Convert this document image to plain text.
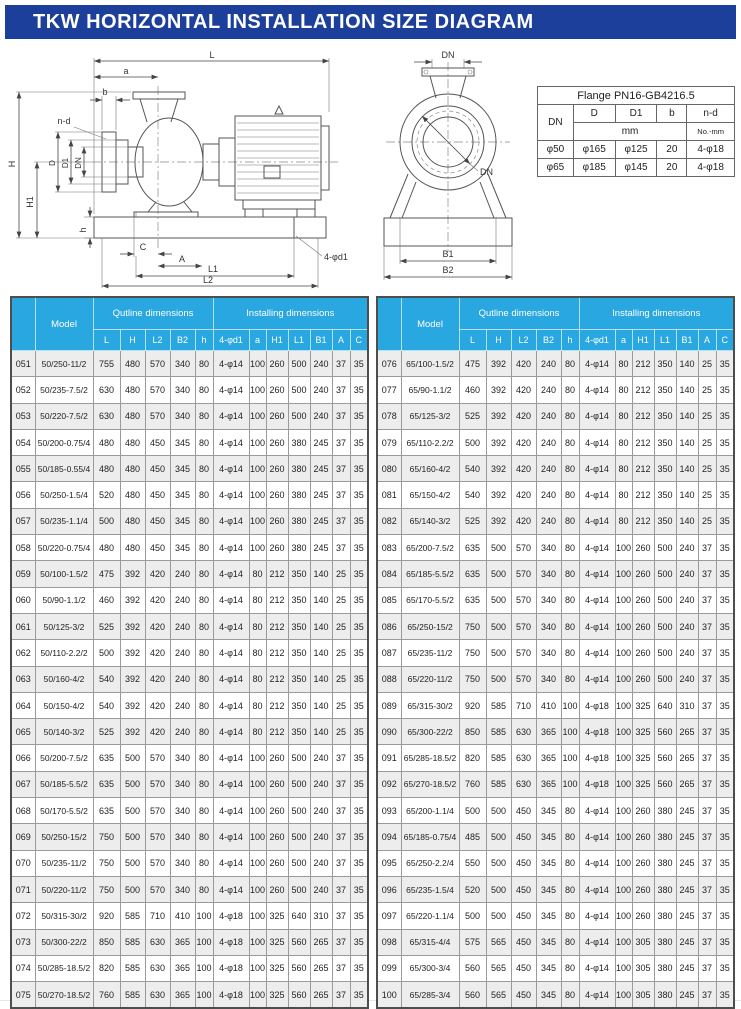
TKW HORIZONTAL INSTALLATION SIZE DIAGRAM
L
a
b
n-d
H
H1
D D1 DN
h
C
A
L1
L2
4-φd1
DN
DN
B1
B2
Flange PN16-GB4216.5				
DN	D	D1	b	n-d
	mm			No.-mm
φ50	φ165	φ125	20	4-φ18
φ65	φ185	φ145	20	4-φ18
	Model	Qutline dimensions					Installing dimensions						
		L	H	L2	B2	h	4-φd1	a	H1	L1	B1	A	C
051	50/250-11/2	755	480	570	340	80	4-φ14	100	260	500	240	37	35
052	50/235-7.5/2	630	480	570	340	80	4-φ14	100	260	500	240	37	35
053	50/220-7.5/2	630	480	570	340	80	4-φ14	100	260	500	240	37	35
054	50/200-0.75/4	480	480	450	345	80	4-φ14	100	260	380	245	37	35
055	50/185-0.55/4	480	480	450	345	80	4-φ14	100	260	380	245	37	35
056	50/250-1.5/4	520	480	450	345	80	4-φ14	100	260	380	245	37	35
057	50/235-1.1/4	500	480	450	345	80	4-φ14	100	260	380	245	37	35
058	50/220-0.75/4	480	480	450	345	80	4-φ14	100	260	380	245	37	35
059	50/100-1.5/2	475	392	420	240	80	4-φ14	80	212	350	140	25	35
060	50/90-1.1/2	460	392	420	240	80	4-φ14	80	212	350	140	25	35
061	50/125-3/2	525	392	420	240	80	4-φ14	80	212	350	140	25	35
062	50/110-2.2/2	500	392	420	240	80	4-φ14	80	212	350	140	25	35
063	50/160-4/2	540	392	420	240	80	4-φ14	80	212	350	140	25	35
064	50/150-4/2	540	392	420	240	80	4-φ14	80	212	350	140	25	35
065	50/140-3/2	525	392	420	240	80	4-φ14	80	212	350	140	25	35
066	50/200-7.5/2	635	500	570	340	80	4-φ14	100	260	500	240	37	35
067	50/185-5.5/2	635	500	570	340	80	4-φ14	100	260	500	240	37	35
068	50/170-5.5/2	635	500	570	340	80	4-φ14	100	260	500	240	37	35
069	50/250-15/2	750	500	570	340	80	4-φ14	100	260	500	240	37	35
070	50/235-11/2	750	500	570	340	80	4-φ14	100	260	500	240	37	35
071	50/220-11/2	750	500	570	340	80	4-φ14	100	260	500	240	37	35
072	50/315-30/2	920	585	710	410	100	4-φ18	100	325	640	310	37	35
073	50/300-22/2	850	585	630	365	100	4-φ18	100	325	560	265	37	35
074	50/285-18.5/2	820	585	630	365	100	4-φ18	100	325	560	265	37	35
075	50/270-18.5/2	760	585	630	365	100	4-φ18	100	325	560	265	37	35
	Model	Qutline dimensions					Installing dimensions						
		L	H	L2	B2	h	4-φd1	a	H1	L1	B1	A	C
076	65/100-1.5/2	475	392	420	240	80	4-φ14	80	212	350	140	25	35
077	65/90-1.1/2	460	392	420	240	80	4-φ14	80	212	350	140	25	35
078	65/125-3/2	525	392	420	240	80	4-φ14	80	212	350	140	25	35
079	65/110-2.2/2	500	392	420	240	80	4-φ14	80	212	350	140	25	35
080	65/160-4/2	540	392	420	240	80	4-φ14	80	212	350	140	25	35
081	65/150-4/2	540	392	420	240	80	4-φ14	80	212	350	140	25	35
082	65/140-3/2	525	392	420	240	80	4-φ14	80	212	350	140	25	35
083	65/200-7.5/2	635	500	570	340	80	4-φ14	100	260	500	240	37	35
084	65/185-5.5/2	635	500	570	340	80	4-φ14	100	260	500	240	37	35
085	65/170-5.5/2	635	500	570	340	80	4-φ14	100	260	500	240	37	35
086	65/250-15/2	750	500	570	340	80	4-φ14	100	260	500	240	37	35
087	65/235-11/2	750	500	570	340	80	4-φ14	100	260	500	240	37	35
088	65/220-11/2	750	500	570	340	80	4-φ14	100	260	500	240	37	35
089	65/315-30/2	920	585	710	410	100	4-φ18	100	325	640	310	37	35
090	65/300-22/2	850	585	630	365	100	4-φ18	100	325	560	265	37	35
091	65/285-18.5/2	820	585	630	365	100	4-φ18	100	325	560	265	37	35
092	65/270-18.5/2	760	585	630	365	100	4-φ18	100	325	560	265	37	35
093	65/200-1.1/4	500	500	450	345	80	4-φ14	100	260	380	245	37	35
094	65/185-0.75/4	485	500	450	345	80	4-φ14	100	260	380	245	37	35
095	65/250-2.2/4	550	500	450	345	80	4-φ14	100	260	380	245	37	35
096	65/235-1.5/4	520	500	450	345	80	4-φ14	100	260	380	245	37	35
097	65/220-1.1/4	500	500	450	345	80	4-φ14	100	260	380	245	37	35
098	65/315-4/4	575	565	450	345	80	4-φ14	100	305	380	245	37	35
099	65/300-3/4	560	565	450	345	80	4-φ14	100	305	380	245	37	35
100	65/285-3/4	560	565	450	345	80	4-φ14	100	305	380	245	37	35
